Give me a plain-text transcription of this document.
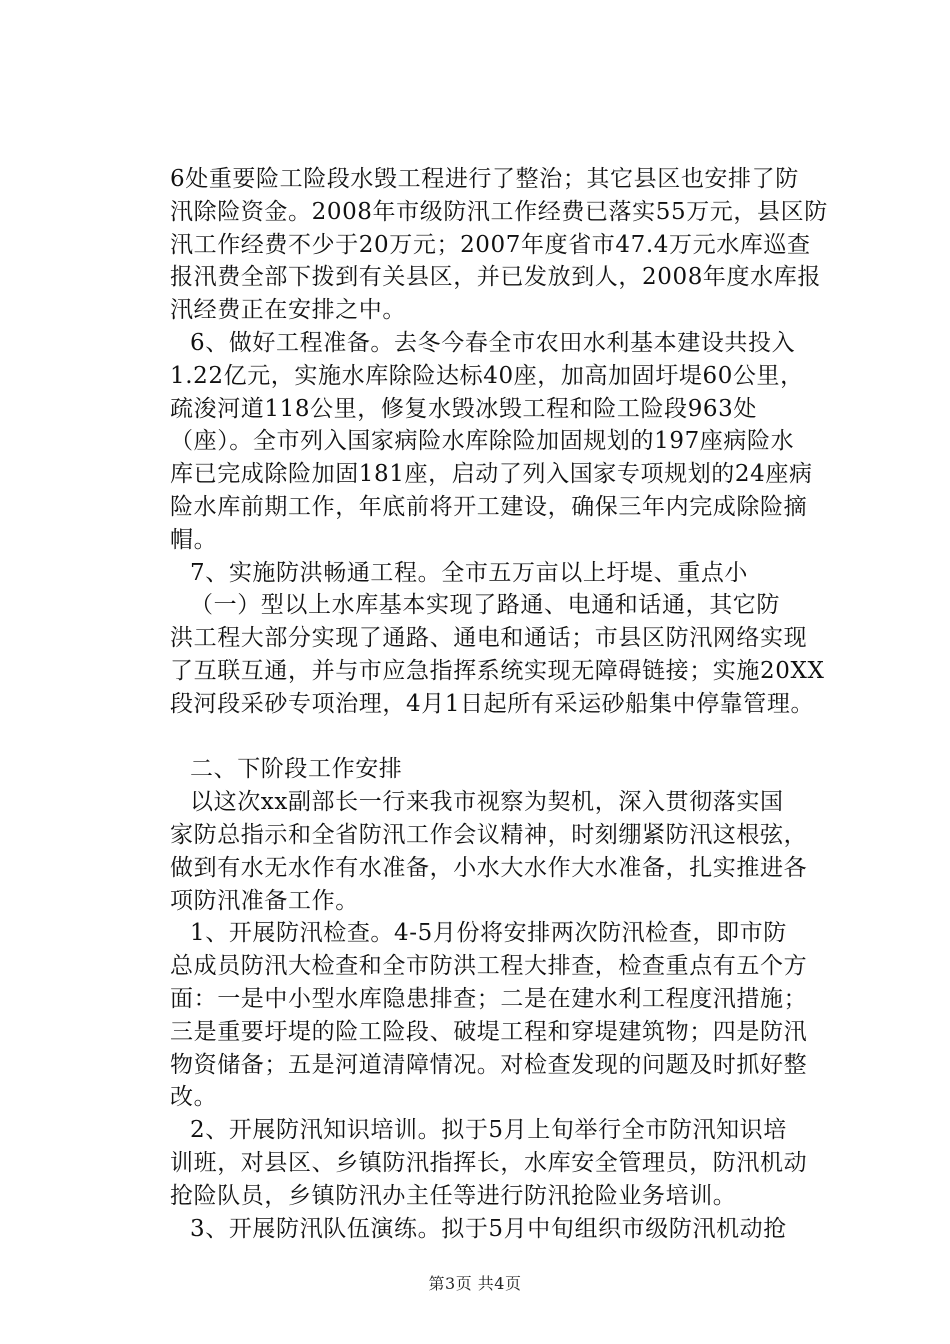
6处重要险工险段水毁工程进行了整治；其它县区也安排了防
汛除险资金。2008年市级防汛工作经费已落实55万元，县区防
汛工作经费不少于20万元；2007年度省市47.4万元水库巡查
报汛费全部下拨到有关县区，并已发放到人，2008年度水库报
汛经费正在安排之中。
6、做好工程准备。去冬今春全市农田水利基本建设共投入
1.22亿元，实施水库除险达标40座，加高加固圩堤60公里，
疏浚河道118公里，修复水毁冰毁工程和险工险段963处
（座）。全市列入国家病险水库除险加固规划的197座病险水
库已完成除险加固181座，启动了列入国家专项规划的24座病
险水库前期工作，年底前将开工建设，确保三年内完成除险摘
帽。
7、实施防洪畅通工程。全市五万亩以上圩堤、重点小
（一）型以上水库基本实现了路通、电通和话通，其它防
洪工程大部分实现了通路、通电和通话；市县区防汛网络实现
了互联互通，并与市应急指挥系统实现无障碍链接；实施20XX
段河段采砂专项治理，4月1日起所有采运砂船集中停靠管理。
二、下阶段工作安排
以这次xx副部长一行来我市视察为契机，深入贯彻落实国
家防总指示和全省防汛工作会议精神，时刻绷紧防汛这根弦，
做到有水无水作有水准备，小水大水作大水准备，扎实推进各
项防汛准备工作。
1、开展防汛检查。4-5月份将安排两次防汛检查，即市防
总成员防汛大检查和全市防洪工程大排查，检查重点有五个方
面：一是中小型水库隐患排查；二是在建水利工程度汛措施；
三是重要圩堤的险工险段、破堤工程和穿堤建筑物；四是防汛
物资储备；五是河道清障情况。对检查发现的问题及时抓好整
改。
2、开展防汛知识培训。拟于5月上旬举行全市防汛知识培
训班，对县区、乡镇防汛指挥长，水库安全管理员，防汛机动
抢险队员，乡镇防汛办主任等进行防汛抢险业务培训。
3、开展防汛队伍演练。拟于5月中旬组织市级防汛机动抢
第3页 共4页
